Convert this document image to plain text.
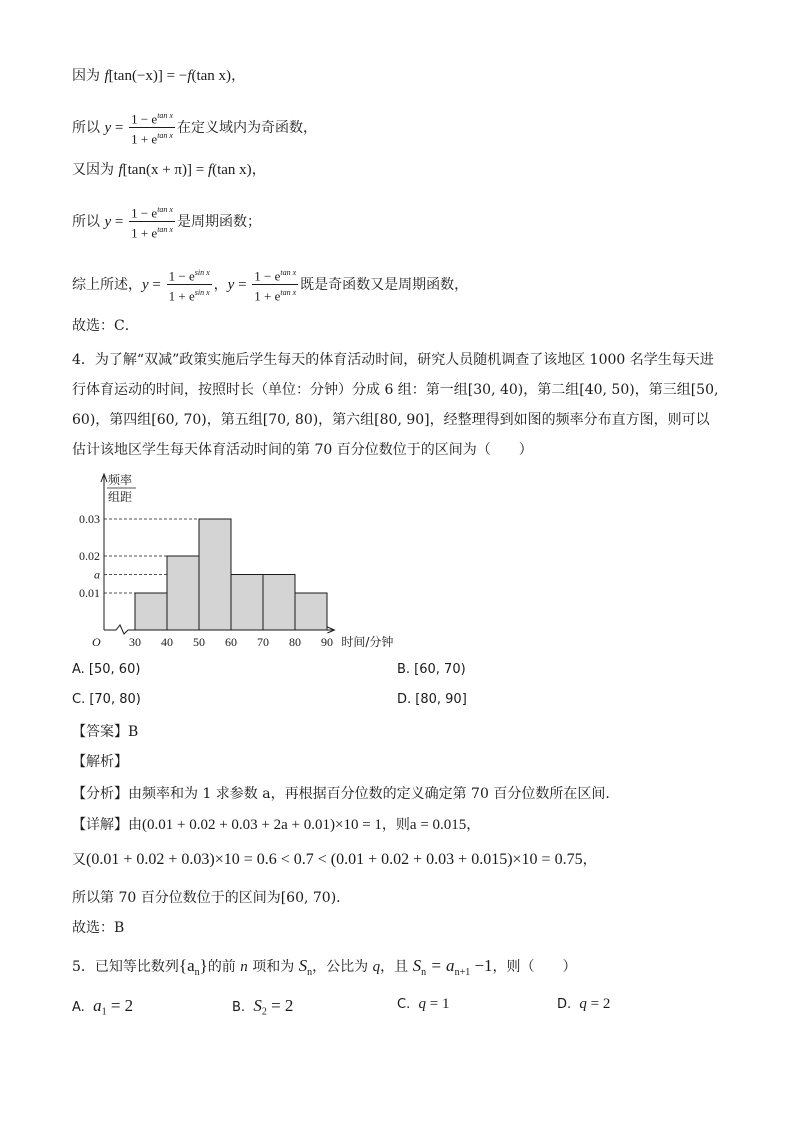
因为 f[tan(−x)] = −f(tan x)，
所以 $y = \frac{1 - e^{tan x}}{1 + e^{tan x}}$ 在定义域内为奇函数，
又因为 f[tan(x + π)] = f(tan x)，
所以 $y = \frac{1 - e^{tan x}}{1 + e^{tan x}}$ 是周期函数；
综上所述，$y = \frac{1 - e^{sin x}}{1 + e^{sin x}}$ ，$y = \frac{1 - e^{tan x}}{1 + e^{tan x}}$ 既是奇函数又是周期函数，
故选：C．
4．为了解“双减”政策实施后学生每天的体育活动时间，研究人员随机调查了该地区 1000 名学生每天进行体育运动的时间，按照时长（单位：分钟）分成 6 组：第一组[30, 40)，第二组[40, 50)，第三组[50, 60)，第四组[60, 70)，第五组[70, 80)，第六组[80, 90]，经整理得到如图的频率分布直方图，则可以估计该地区学生每天体育活动时间的第 70 百分位数位于的区间为（　　）
0.03
0.02
a
0.01
30 40 50 60 70 80 90
O
频率
组距
时间/分钟
A. [50, 60)	B. [60, 70)
C. [70, 80)	D. [80, 90]
【答案】B
【解析】
【分析】由频率和为 1 求参数 a，再根据百分位数的定义确定第 70 百分位数所在区间.
【详解】由(0.01 + 0.02 + 0.03 + 2a + 0.01)×10 = 1，则a = 0.015，
又(0.01 + 0.02 + 0.03)×10 = 0.6 < 0.7 < (0.01 + 0.02 + 0.03 + 0.015)×10 = 0.75，
所以第 70 百分位数位于的区间为[60, 70)．
故选：B
5．已知等比数列$\{a_n\}$的前 n 项和为 $S_n$，公比为 q，且 $S_n = a_{n+1} -1$，则（　　）
A. $a_1 = 2$	B. $S_2 = 2$	C. q = 1	D. q = 2
